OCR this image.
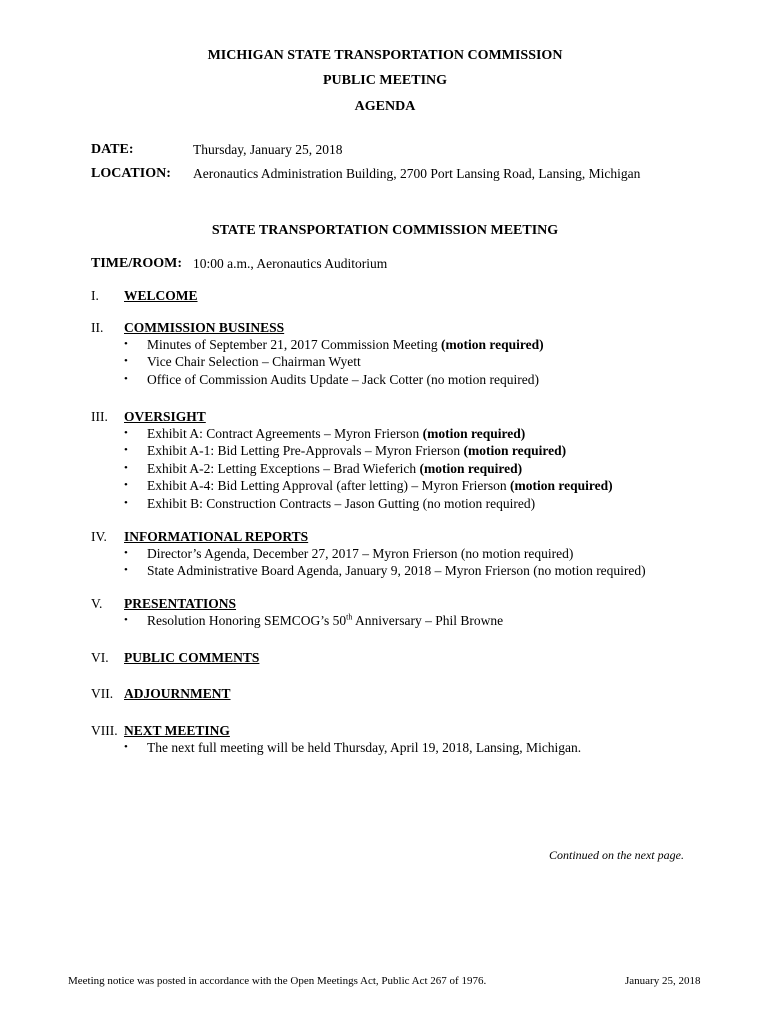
MICHIGAN STATE TRANSPORTATION COMMISSION
PUBLIC MEETING
AGENDA
DATE:	Thursday, January 25, 2018
LOCATION: Aeronautics Administration Building, 2700 Port Lansing Road, Lansing, Michigan
STATE TRANSPORTATION COMMISSION MEETING
TIME/ROOM: 10:00 a.m., Aeronautics Auditorium
I.	WELCOME
II.	COMMISSION BUSINESS
• Minutes of September 21, 2017 Commission Meeting (motion required)
• Vice Chair Selection – Chairman Wyett
• Office of Commission Audits Update – Jack Cotter (no motion required)
III.	OVERSIGHT
• Exhibit A: Contract Agreements – Myron Frierson (motion required)
• Exhibit A-1: Bid Letting Pre-Approvals – Myron Frierson (motion required)
• Exhibit A-2: Letting Exceptions – Brad Wieferich (motion required)
• Exhibit A-4: Bid Letting Approval (after letting) – Myron Frierson (motion required)
• Exhibit B: Construction Contracts – Jason Gutting (no motion required)
IV.	INFORMATIONAL REPORTS
• Director’s Agenda, December 27, 2017 – Myron Frierson (no motion required)
• State Administrative Board Agenda, January 9, 2018 – Myron Frierson (no motion required)
V.	PRESENTATIONS
• Resolution Honoring SEMCOG’s 50th Anniversary – Phil Browne
VI.	PUBLIC COMMENTS
VII. ADJOURNMENT
VIII. NEXT MEETING
• The next full meeting will be held Thursday, April 19, 2018, Lansing, Michigan.
Continued on the next page.
Meeting notice was posted in accordance with the Open Meetings Act, Public Act 267 of 1976.	January 25, 2018
